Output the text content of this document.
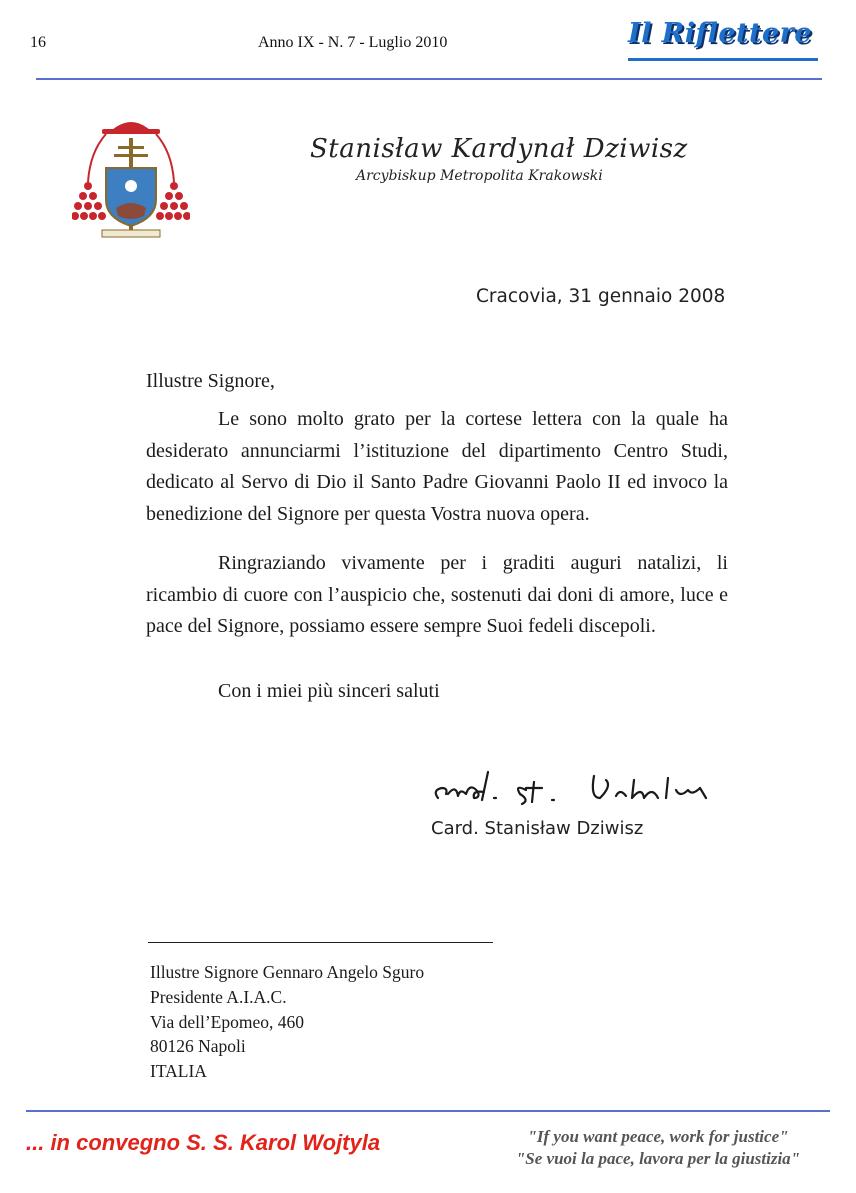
16	Anno IX - N. 7 - Luglio 2010	Il Riflettere
Stanisław Kardynał Dziwisz
Arcybiskup Metropolita Krakowski
Cracovia, 31 gennaio 2008
Illustre Signore,

Le sono molto grato per la cortese lettera con la quale ha desiderato annunciarmi l’istituzione del dipartimento Centro Studi, dedicato al Servo di Dio il Santo Padre Giovanni Paolo II ed invoco la benedizione del Signore per questa Vostra nuova opera.

Ringraziando vivamente per i graditi auguri natalizi, li ricambio di cuore con l’auspicio che, sostenuti dai doni di amore, luce e pace del Signore, possiamo essere sempre Suoi fedeli discepoli.

Con i miei più sinceri saluti
Card. Stanisław Dziwisz
Illustre Signore Gennaro Angelo Sguro
Presidente A.I.A.C.
Via dell’Epomeo, 460
80126 Napoli
ITALIA
... in convegno S. S. Karol Wojtyla	"If you want peace, work for justice"
"Se vuoi la pace, lavora per la giustizia"
